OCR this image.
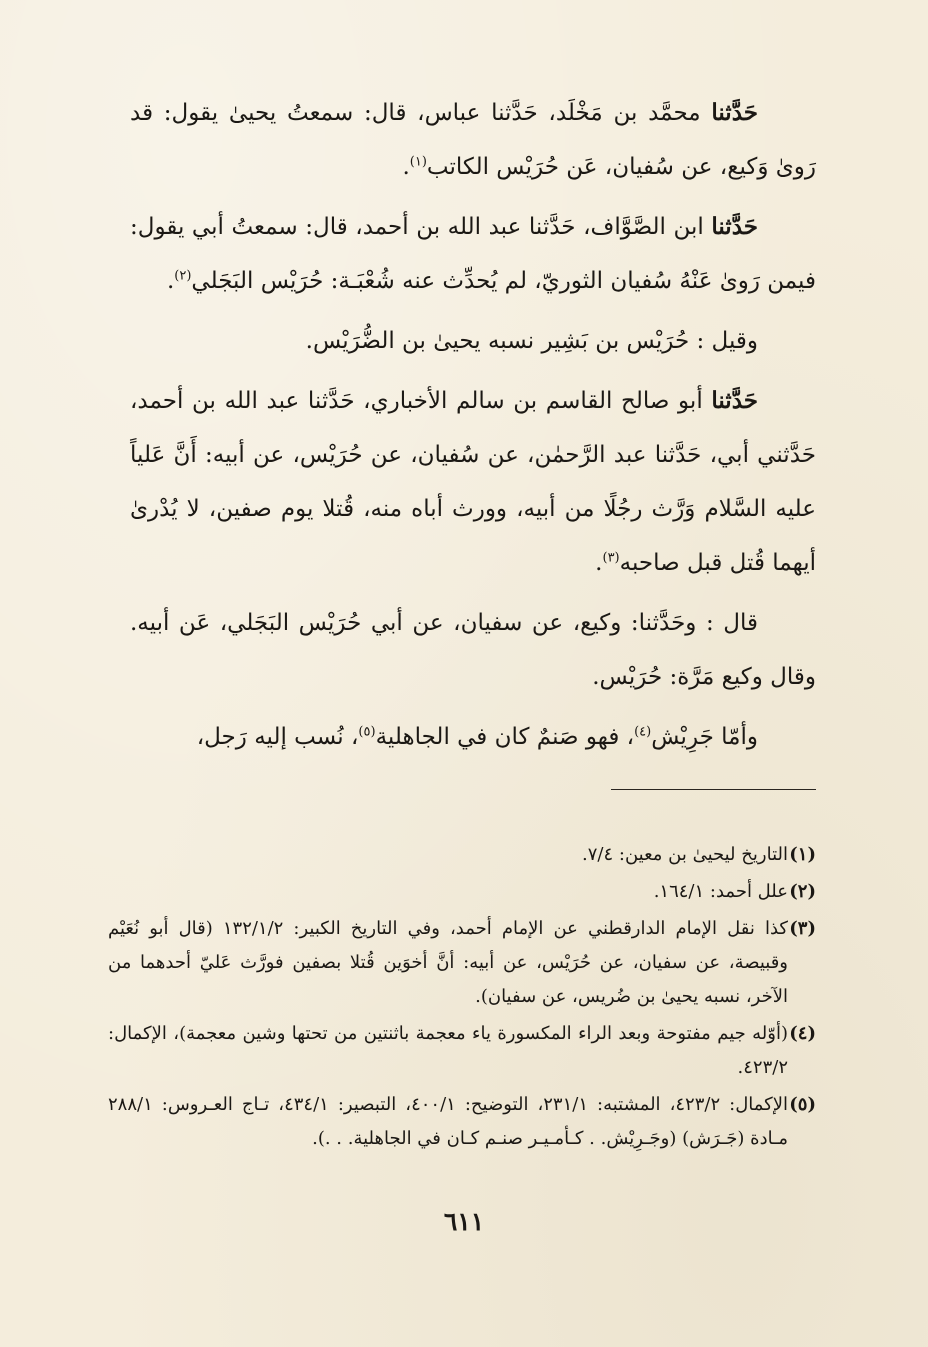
حَدَّثنا محمَّد بن مَخْلَد، حَدَّثنا عباس، قال: سمعتُ يحيىٰ يقول: قد رَوىٰ وَكيع، عن سُفيان، عَن حُرَيْس الكاتب$^{(١)}$.

حَدَّثنا ابن الصَّوَّاف، حَدَّثنا عبد الله بن أحمد، قال: سمعتُ أبي يقول: فيمن رَوىٰ عَنْهُ سُفيان الثوريّ، لم يُحدِّث عنه شُعْبَـة: حُرَيْس البَجَلي$^{(٢)}$.

وقيل : حُرَيْس بن بَشِير نسبه يحيىٰ بن الضُّرَيْس.

حَدَّثنا أبو صالح القاسم بن سالم الأخباري، حَدَّثنا عبد الله بن أحمد، حَدَّثني أبي، حَدَّثنا عبد الرَّحمٰن، عن سُفيان، عن حُرَيْس، عن أبيه: أَنَّ عَلياً عليه السَّلام وَرَّث رجُلًا من أبيه، وورث أباه منه، قُتلا يوم صفين، لا يُدْرىٰ أيهما قُتل قبل صاحبه$^{(٣)}$.

قال : وحَدَّثنا: وكيع، عن سفيان، عن أبي حُرَيْس البَجَلي، عَن أبيه. وقال وكيع مَرَّة: حُرَيْس.

وأمّا جَرِيْش$^{(٤)}$، فهو صَنمٌ كان في الجاهلية$^{(٥)}$، نُسب إليه رَجل،

(١)
التاريخ ليحيىٰ بن معين: ٧/٤.

(٢)
علل أحمد: ١٦٤/١.

(٣)
كذا نقل الإمام الدارقطني عن الإمام أحمد، وفي التاريخ الكبير: ١٣٢/١/٢ (قال أبو نُعَيْم وقبيصة، عن سفيان، عن حُرَيْس، عن أبيه: أنَّ أخوَين قُتلا بصفين فورَّث عَليّ أحدهما من الآخر، نسبه يحيىٰ بن ضُريس، عن سفيان).

(٤)
(أوّله جيم مفتوحة وبعد الراء المكسورة ياء معجمة باثنتين من تحتها وشين معجمة)، الإكمال: ٤٢٣/٢.

(٥)
الإكمال: ٤٢٣/٢، المشتبه: ٢٣١/١، التوضيح: ٤٠٠/١، التبصير: ٤٣٤/١، تـاج العـروس: ٢٨٨/١ مـادة (جَـرَش) (وجَـرِيْش. . كـأمـيـر صنـم كـان في الجاهلية. . .).

٦١١
